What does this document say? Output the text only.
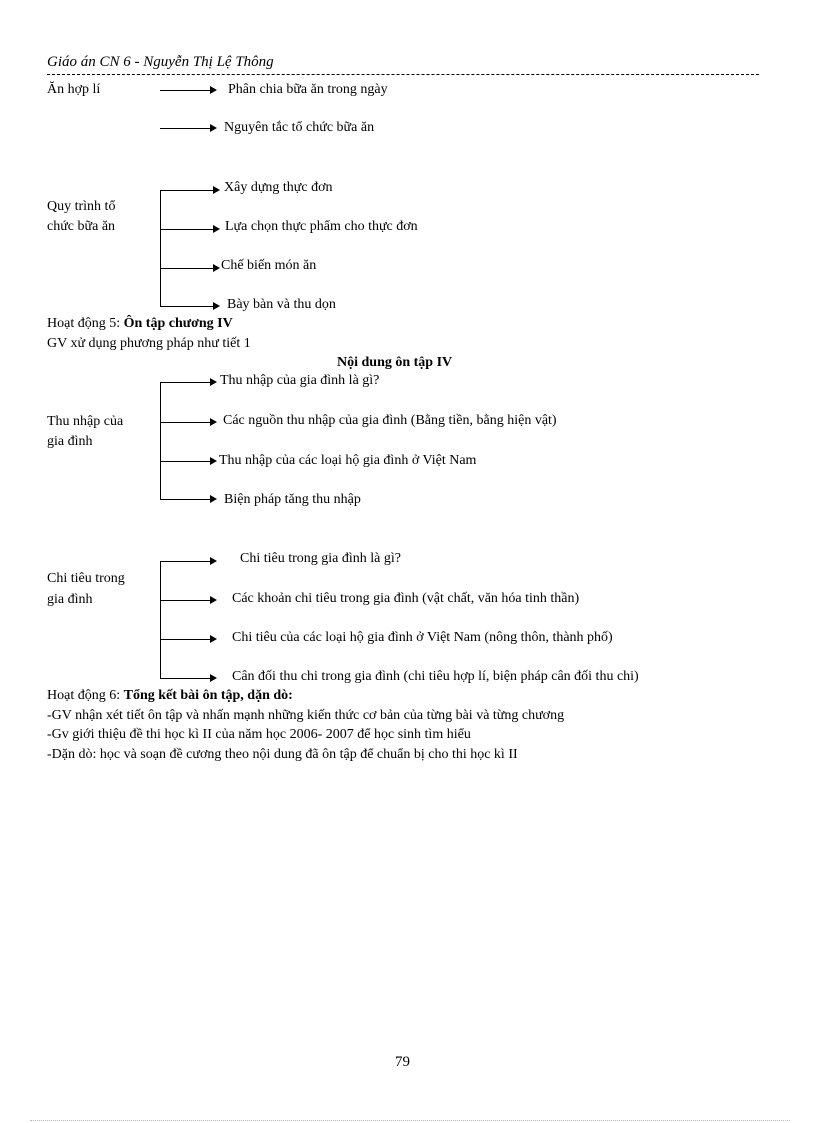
Giáo án CN 6 - Nguyễn Thị Lệ Thông
Ăn hợp lí	Phân chia bữa ăn trong ngày
Nguyên tắc tổ chức bữa ăn
Quy trình tổ
chức bữa ăn
Xây dựng thực đơn
Lựa chọn thực phẩm cho thực đơn
Chế biến món ăn
Bày bàn và thu dọn
Hoạt động 5: Ôn tập chương IV
GV xử dụng phương pháp như tiết 1
Nội dung ôn tập IV
Thu nhập của
gia đình
Thu nhập của gia đình là gì?
Các nguồn thu nhập của gia đình (Bằng tiền, bằng hiện vật)
Thu nhập của các loại hộ gia đình ở Việt Nam
Biện pháp tăng thu nhập
Chi tiêu trong
gia đình
Chi tiêu trong gia đình là gì?
Các khoản chi tiêu trong gia đình (vật chất, văn hóa tinh thần)
Chi tiêu của các loại hộ gia đình ở Việt Nam (nông thôn, thành phố)
Cân đối thu chi trong gia đình (chi tiêu hợp lí, biện pháp cân đối thu chi)
Hoạt động 6: Tổng kết bài ôn tập, dặn dò:
-GV nhận xét tiết ôn tập và nhấn mạnh những kiến thức cơ bản của từng bài và từng chương
-Gv giới thiệu đề thi học kì II của năm học 2006- 2007 để học sinh tìm hiểu
-Dặn dò: học và soạn đề cương theo nội dung đã ôn tập để chuẩn bị cho thi học kì II
79
